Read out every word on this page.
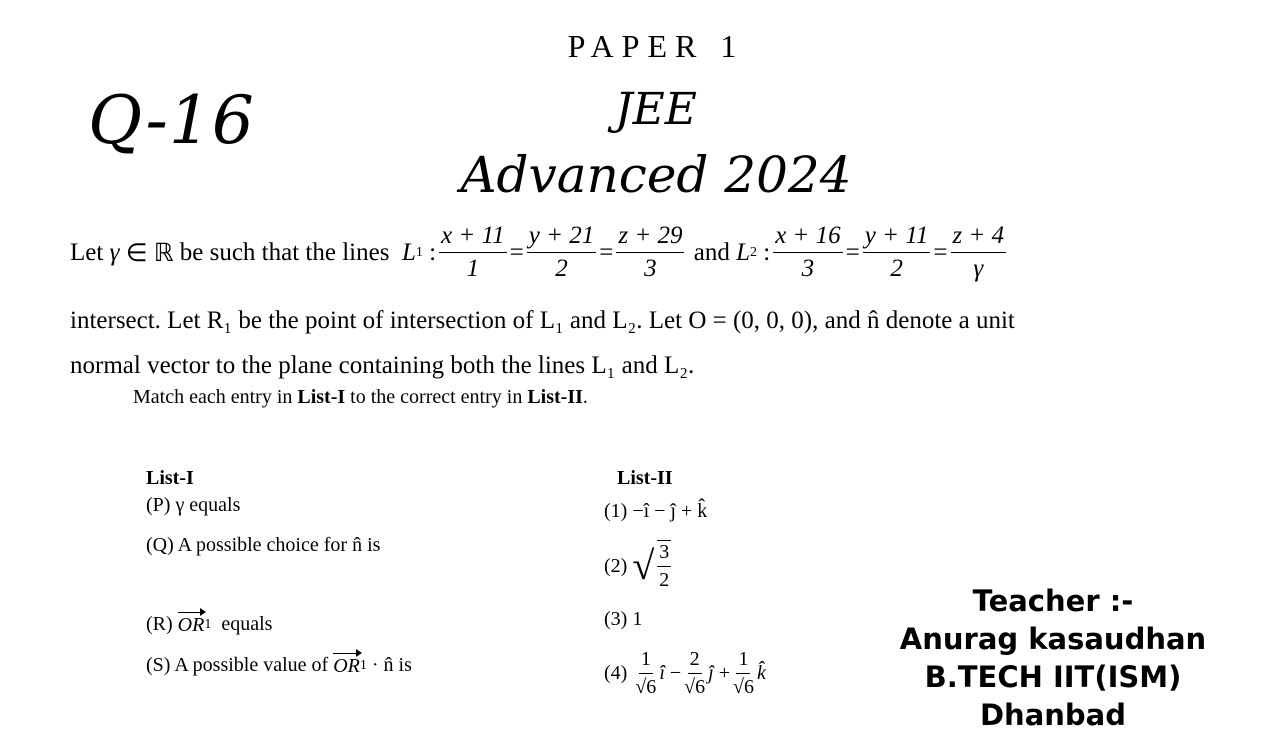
Q-16
PAPER 1
JEE
Advanced 2024
Let
γ
∈ ℝ
be such that the lines
L 1
: $\frac{x + 11}{1} = \frac{y + 21}{2} = \frac{z + 29}{3}$
and
L 2
: $\frac{x + 16}{3} = \frac{y + 11}{2} = \frac{z + 4}{\gamma}$
intersect. Let R₁ be the point of intersection of L₁ and L₂. Let O = (0, 0, 0), and n̂ denote a unit
normal vector to the plane containing both the lines L₁ and L₂.
Match each entry in List-I to the correct entry in List-II.
List-I
(P) γ equals
(Q) A possible choice for n̂ is
(R)
OR 1
equals
(S) A possible value of
OR 1
· n̂ is
List-II
(1) −î − ĵ + k̂
(2)
√ $\frac{3}{2}$
(3) 1
(4)
$\frac{1}{√6}$ î
− $\frac{2}{√6}$ ĵ
+ $\frac{1}{√6}$ k̂
Teacher :-
Anurag kasaudhan
B.TECH IIT(ISM) Dhanbad
